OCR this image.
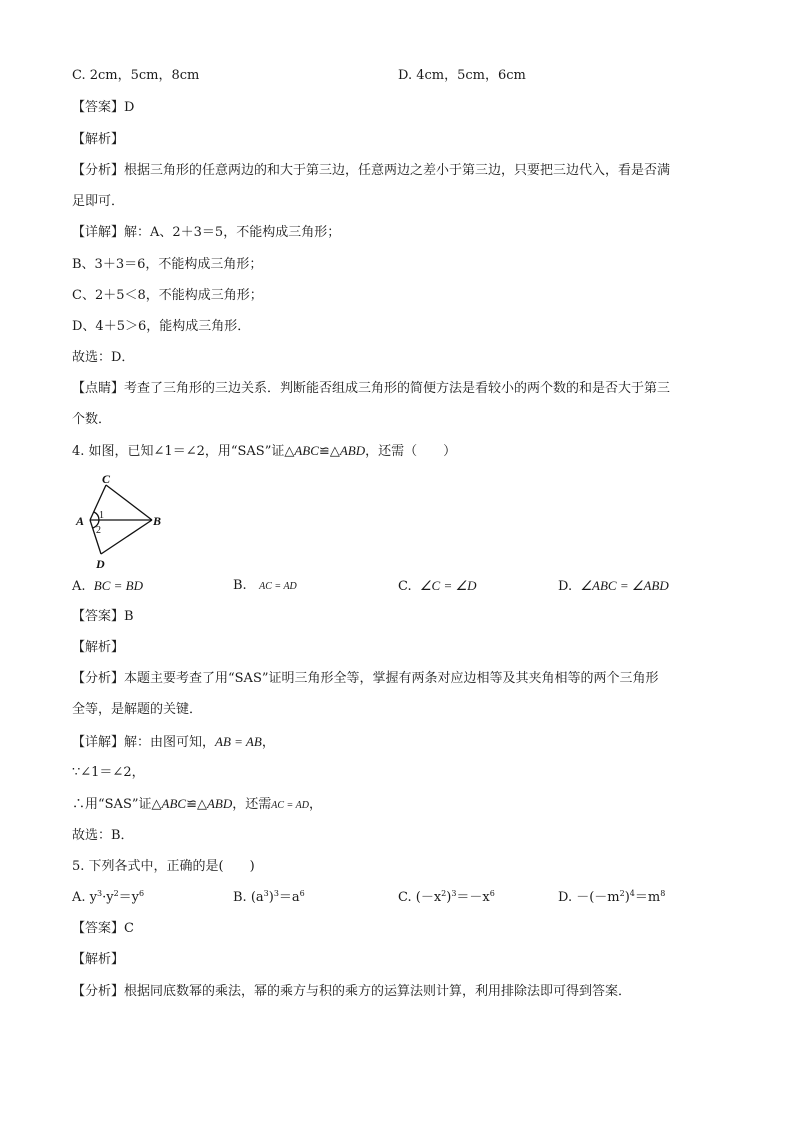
C. 2cm，5cm，8cm	D. 4cm，5cm，6cm
【答案】D
【解析】
【分析】根据三角形的任意两边的和大于第三边，任意两边之差小于第三边，只要把三边代入，看是否满
足即可．
【详解】解：A、2＋3＝5，不能构成三角形；
B、3＋3＝6，不能构成三角形；
C、2＋5＜8，不能构成三角形；
D、4＋5＞6，能构成三角形．
故选：D．
【点睛】考查了三角形的三边关系．判断能否组成三角形的简便方法是看较小的两个数的和是否大于第三
个数．
4. 如图，已知∠1＝∠2，用“SAS”证△ABC≌△ABD，还需（　　）
C
A	B
D
1
2
A. BC = BD	B. AC = AD	C. ∠C = ∠D	D. ∠ABC = ∠ABD
【答案】B
【解析】
【分析】本题主要考查了用“SAS”证明三角形全等，掌握有两条对应边相等及其夹角相等的两个三角形
全等，是解题的关键．
【详解】解：由图可知，AB = AB，
∵∠1＝∠2，
∴用“SAS”证△ABC≌△ABD，还需AC = AD，
故选：B．
5. 下列各式中，正确的是(　　)
A. $y^3\cdot y^2=y^6$	B. $(a^3)^3=a^6$	C. $(-x^2)^3=-x^6$	D. $-(-m^2)^4=m^8$
【答案】C
【解析】
【分析】根据同底数幂的乘法，幂的乘方与积的乘方的运算法则计算，利用排除法即可得到答案．
